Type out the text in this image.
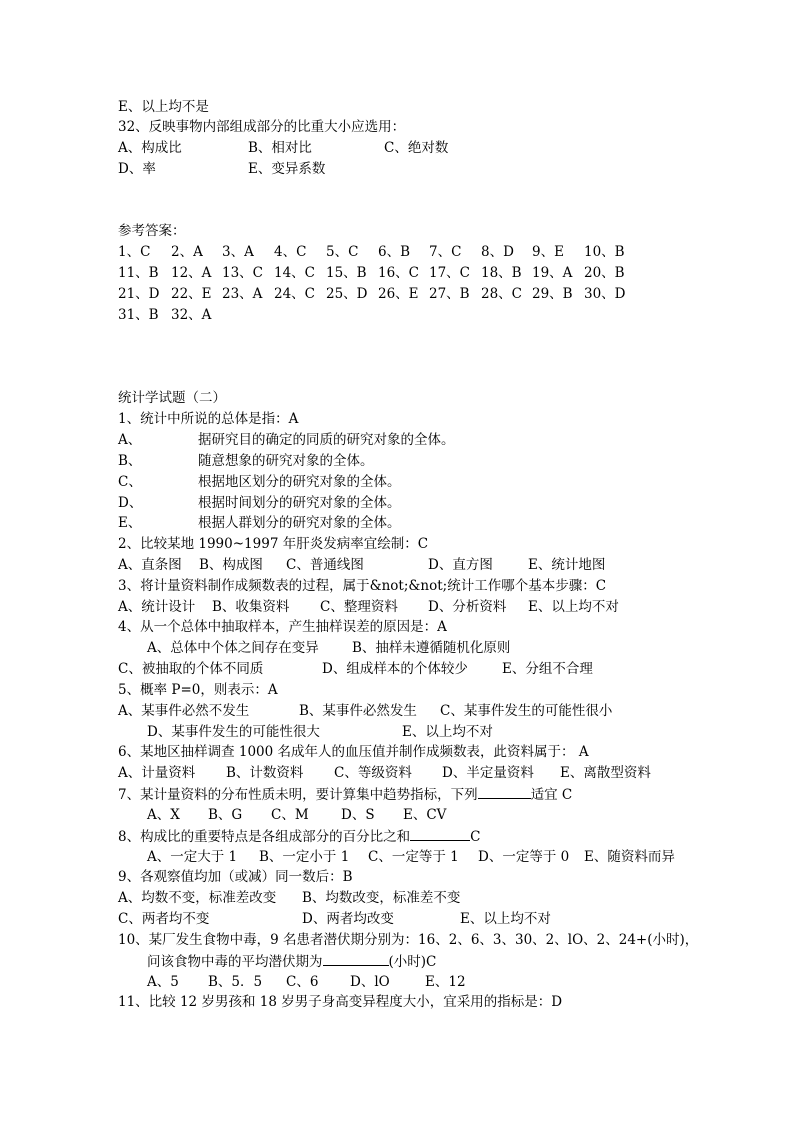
E、以上均不是
32、反映事物内部组成部分的比重大小应选用：
A、构成比	B、相对比	C、绝对数
D、率	E、变异系数
参考答案：
1、C 2、A 3、A 4、C 5、C 6、B 7、C 8、D 9、E 10、B
11、B 12、A 13、C 14、C 15、B 16、C 17、C 18、B 19、A 20、B
21、D 22、E 23、A 24、C 25、D 26、E 27、B 28、C 29、B 30、D
31、B 32、A
统计学试题（二）
1、统计中所说的总体是指：A
A、	据研究目的确定的同质的研究对象的全体。
B、	随意想象的研究对象的全体。
C、	根据地区划分的研究对象的全体。
D、	根据时间划分的研究对象的全体。
E、	根据人群划分的研究对象的全体。
2、比较某地 1990~1997 年肝炎发病率宜绘制：C
A、直条图 B、构成图 C、普通线图	D、直方图	E、统计地图
3、将计量资料制作成频数表的过程，属于&not;&not;统计工作哪个基本步骤：C
A、统计设计 B、收集资料 C、整理资料 D、分析资料 E、以上均不对
4、从一个总体中抽取样本，产生抽样误差的原因是：A
A、总体中个体之间存在变异 B、抽样未遵循随机化原则
C、被抽取的个体不同质	D、组成样本的个体较少	E、分组不合理
5、概率 P=0，则表示：A
A、某事件必然不发生	B、某事件必然发生 C、某事件发生的可能性很小
D、某事件发生的可能性很大	E、以上均不对
6、某地区抽样调查 1000 名成年人的血压值并制作成频数表，此资料属于： A
A、计量资料 B、计数资料 C、等级资料 D、半定量资料 E、离散型资料
7、某计量资料的分布性质未明，要计算集中趋势指标，下列	适宜 C
A、X B、G C、M D、S E、CV
8、构成比的重要特点是各组成部分的百分比之和	C
A、一定大于 1 B、一定小于 1 C、一定等于 1 D、一定等于 0 E、随资料而异
9、各观察值均加（或减）同一数后：B
A、均数不变，标准差改变 B、均数改变，标准差不变
C、两者均不变	D、两者均改变	E、以上均不对
10、某厂发生食物中毒，9 名患者潜伏期分别为：16、2、6、3、30、2、lO、2、24+(小时)，
问该食物中毒的平均潜伏期为	(小时)C
A、5 B、5．5 C、6 D、lO	E、12
11、比较 12 岁男孩和 18 岁男子身高变异程度大小，宜采用的指标是：D
